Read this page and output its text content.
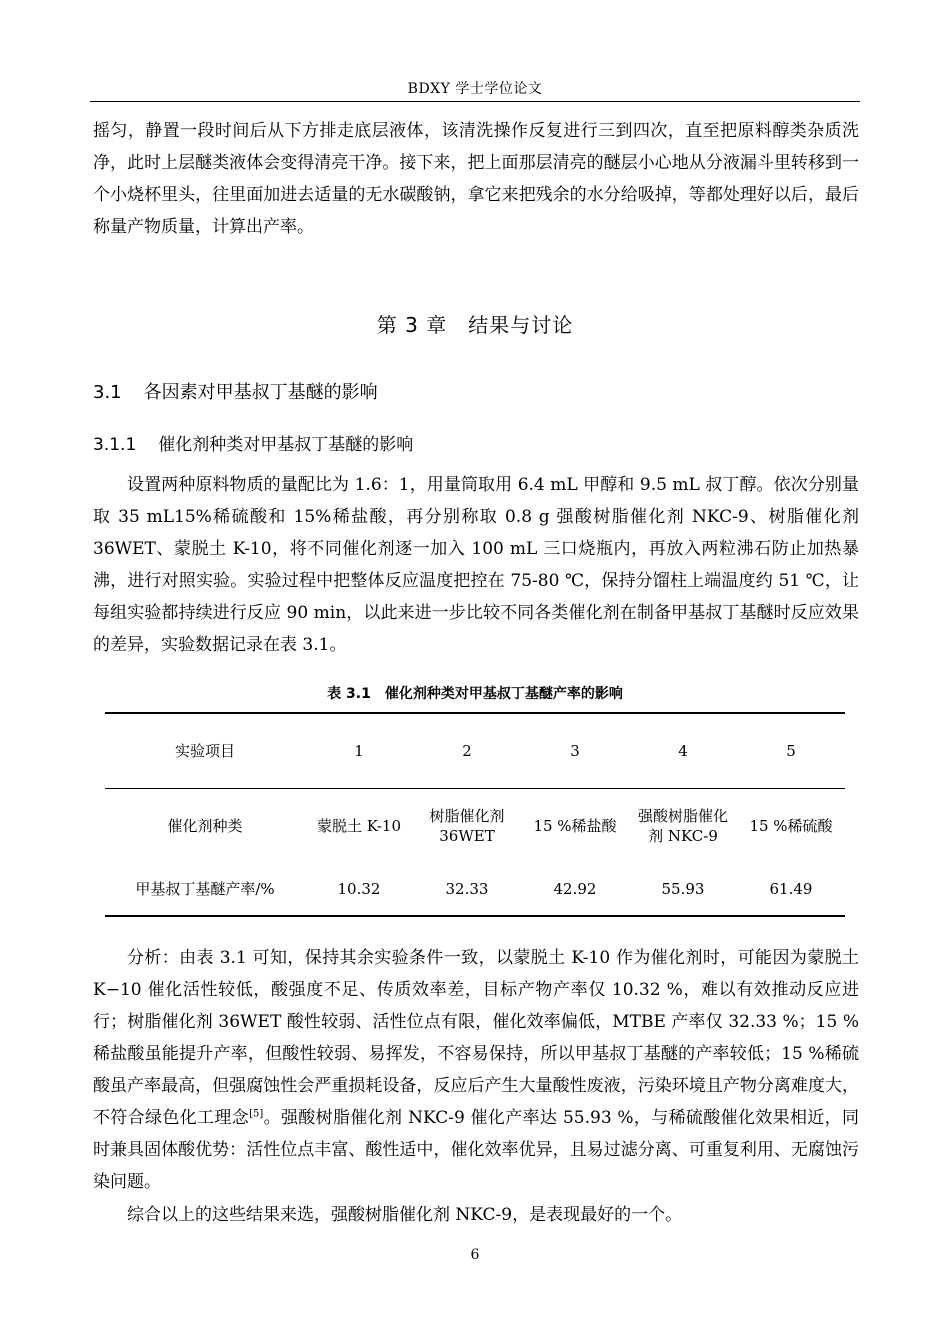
BDXY 学士学位论文

摇匀，静置一段时间后从下方排走底层液体，该清洗操作反复进行三到四次，直至把原料醇类杂质洗净，此时上层醚类液体会变得清亮干净。接下来，把上面那层清亮的醚层小心地从分液漏斗里转移到一个小烧杯里头，往里面加进去适量的无水碳酸钠，拿它来把残余的水分给吸掉，等都处理好以后，最后称量产物质量，计算出产率。

第 3 章　结果与讨论
3.1 各因素对甲基叔丁基醚的影响
3.1.1 催化剂种类对甲基叔丁基醚的影响

设置两种原料物质的量配比为 1.6：1，用量筒取用 6.4 mL 甲醇和 9.5 mL 叔丁醇。依次分别量取 35 mL15%稀硫酸和 15%稀盐酸，再分别称取 0.8 g 强酸树脂催化剂 NKC-9、树脂催化剂 36WET、蒙脱土 K-10，将不同催化剂逐一加入 100 mL 三口烧瓶内，再放入两粒沸石防止加热暴沸，进行对照实验。实验过程中把整体反应温度把控在 75-80 ℃，保持分馏柱上端温度约 51 ℃，让每组实验都持续进行反应 90 min，以此来进一步比较不同各类催化剂在制备甲基叔丁基醚时反应效果的差异，实验数据记录在表 3.1。

表 3.1　催化剂种类对甲基叔丁基醚产率的影响
实验项目	1	2	3	4	5
催化剂种类	蒙脱土 K-10	树脂催化剂 36WET	15 %稀盐酸	强酸树脂催化剂 NKC-9	15 %稀硫酸
甲基叔丁基醚产率/%	10.32	32.33	42.92	55.93	61.49

分析：由表 3.1 可知，保持其余实验条件一致，以蒙脱土 K-10 作为催化剂时，可能因为蒙脱土 K−10 催化活性较低，酸强度不足、传质效率差，目标产物产率仅 10.32 %，难以有效推动反应进行；树脂催化剂 36WET 酸性较弱、活性位点有限，催化效率偏低，MTBE 产率仅 32.33 %；15 %稀盐酸虽能提升产率，但酸性较弱、易挥发，不容易保持，所以甲基叔丁基醚的产率较低；15 %稀硫酸虽产率最高，但强腐蚀性会严重损耗设备，反应后产生大量酸性废液，污染环境且产物分离难度大，不符合绿色化工理念[5]。强酸树脂催化剂 NKC-9 催化产率达 55.93 %，与稀硫酸催化效果相近，同时兼具固体酸优势：活性位点丰富、酸性适中，催化效率优异，且易过滤分离、可重复利用、无腐蚀污染问题。

综合以上的这些结果来选，强酸树脂催化剂 NKC-9，是表现最好的一个。

6
